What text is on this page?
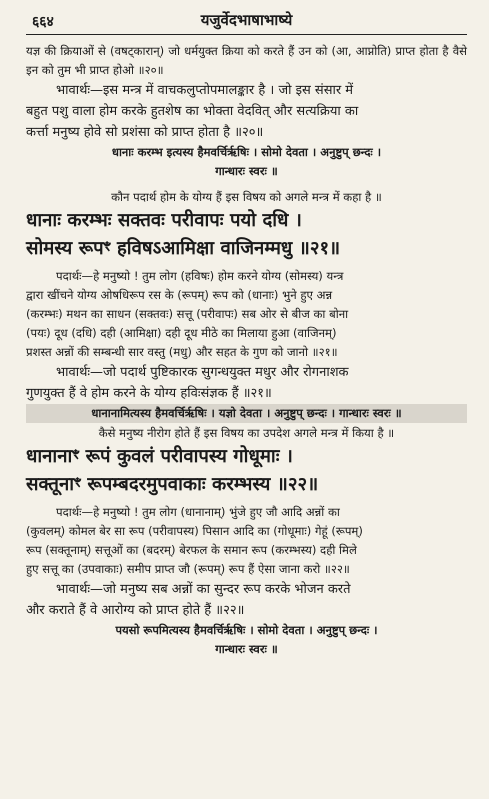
६६४	यजुर्वेदभाषाभाष्ये

यज्ञ की क्रियाओं से (वषट्कारान्) जो धर्मयुक्त क्रिया को करते हैं उन को (आ, आप्नोति) प्राप्त होता है वैसे इन को तुम भी प्राप्त होओ ॥२०॥

भावार्थः—इस मन्त्र में वाचकलुप्तोपमालङ्कार है । जो इस संसार में

बहुत पशु वाला होम करके हुतशेष का भोक्ता वेदवित् और सत्यक्रिया का

कर्त्ता मनुष्य होवे सो प्रशंसा को प्राप्त होता है ॥२०॥

धानाः करम्भ इत्यस्य हैमवर्चिर्ऋषिः । सोमो देवता । अनुष्टुप् छन्दः ।

गान्धारः स्वरः ॥

कौन पदार्थ होम के योग्य हैं इस विषय को अगले मन्त्र में कहा है ॥

धानाः करम्भः सक्तवः परीवापः पयो दधि ।

सोमस्य रूपꣳ हविषऽआमिक्षा वाजिनम्मधु ॥२१॥

पदार्थः—हे मनुष्यो ! तुम लोग (हविषः) होम करने योग्य (सोमस्य) यन्त्र

द्वारा खींचने योग्य ओषधिरूप रस के (रूपम्) रूप को (धानाः) भुने हुए अन्न

(करम्भः) मथन का साधन (सक्तवः) सत्तू (परीवापः) सब ओर से बीज का बोना

(पयः) दूध (दधि) दही (आमिक्षा) दही दूध मीठे का मिलाया हुआ (वाजिनम्)

प्रशस्त अन्नों की सम्बन्धी सार वस्तु (मधु) और सहत के गुण को जानो ॥२१॥

भावार्थः—जो पदार्थ पुष्टिकारक सुगन्धयुक्त मधुर और रोगनाशक

गुणयुक्त हैं वे होम करने के योग्य हविःसंज्ञक हैं ॥२१॥

धानानामित्यस्य हैमवर्चिर्ऋषिः । यज्ञो देवता । अनुष्टुप् छन्दः । गान्धारः स्वरः ॥

कैसे मनुष्य नीरोग होते हैं इस विषय का उपदेश अगले मन्त्र में किया है ॥

धानानाꣳ रूपं कुवलं परीवापस्य गोधूमाः ।

सक्तूनाꣳ रूपम्बदरमुपवाकाः करम्भस्य ॥२२॥

पदार्थः—हे मनुष्यो ! तुम लोग (धानानाम्) भुंजे हुए जौ आदि अन्नों का

(कुवलम्) कोमल बेर सा रूप (परीवापस्य) पिसान आदि का (गोधूमाः) गेहूं (रूपम्)

रूप (सक्तूनाम्) सत्तूओं का (बदरम्) बेरफल के समान रूप (करम्भस्य) दही मिले

हुए सत्तू का (उपवाकाः) समीप प्राप्त जौ (रूपम्) रूप हैं ऐसा जाना करो ॥२२॥

भावार्थः—जो मनुष्य सब अन्नों का सुन्दर रूप करके भोजन करते

और कराते हैं वे आरोग्य को प्राप्त होते हैं ॥२२॥

पयसो रूपमित्यस्य हैमवर्चिर्ऋषिः । सोमो देवता । अनुष्टुप् छन्दः ।

गान्धारः स्वरः ॥
